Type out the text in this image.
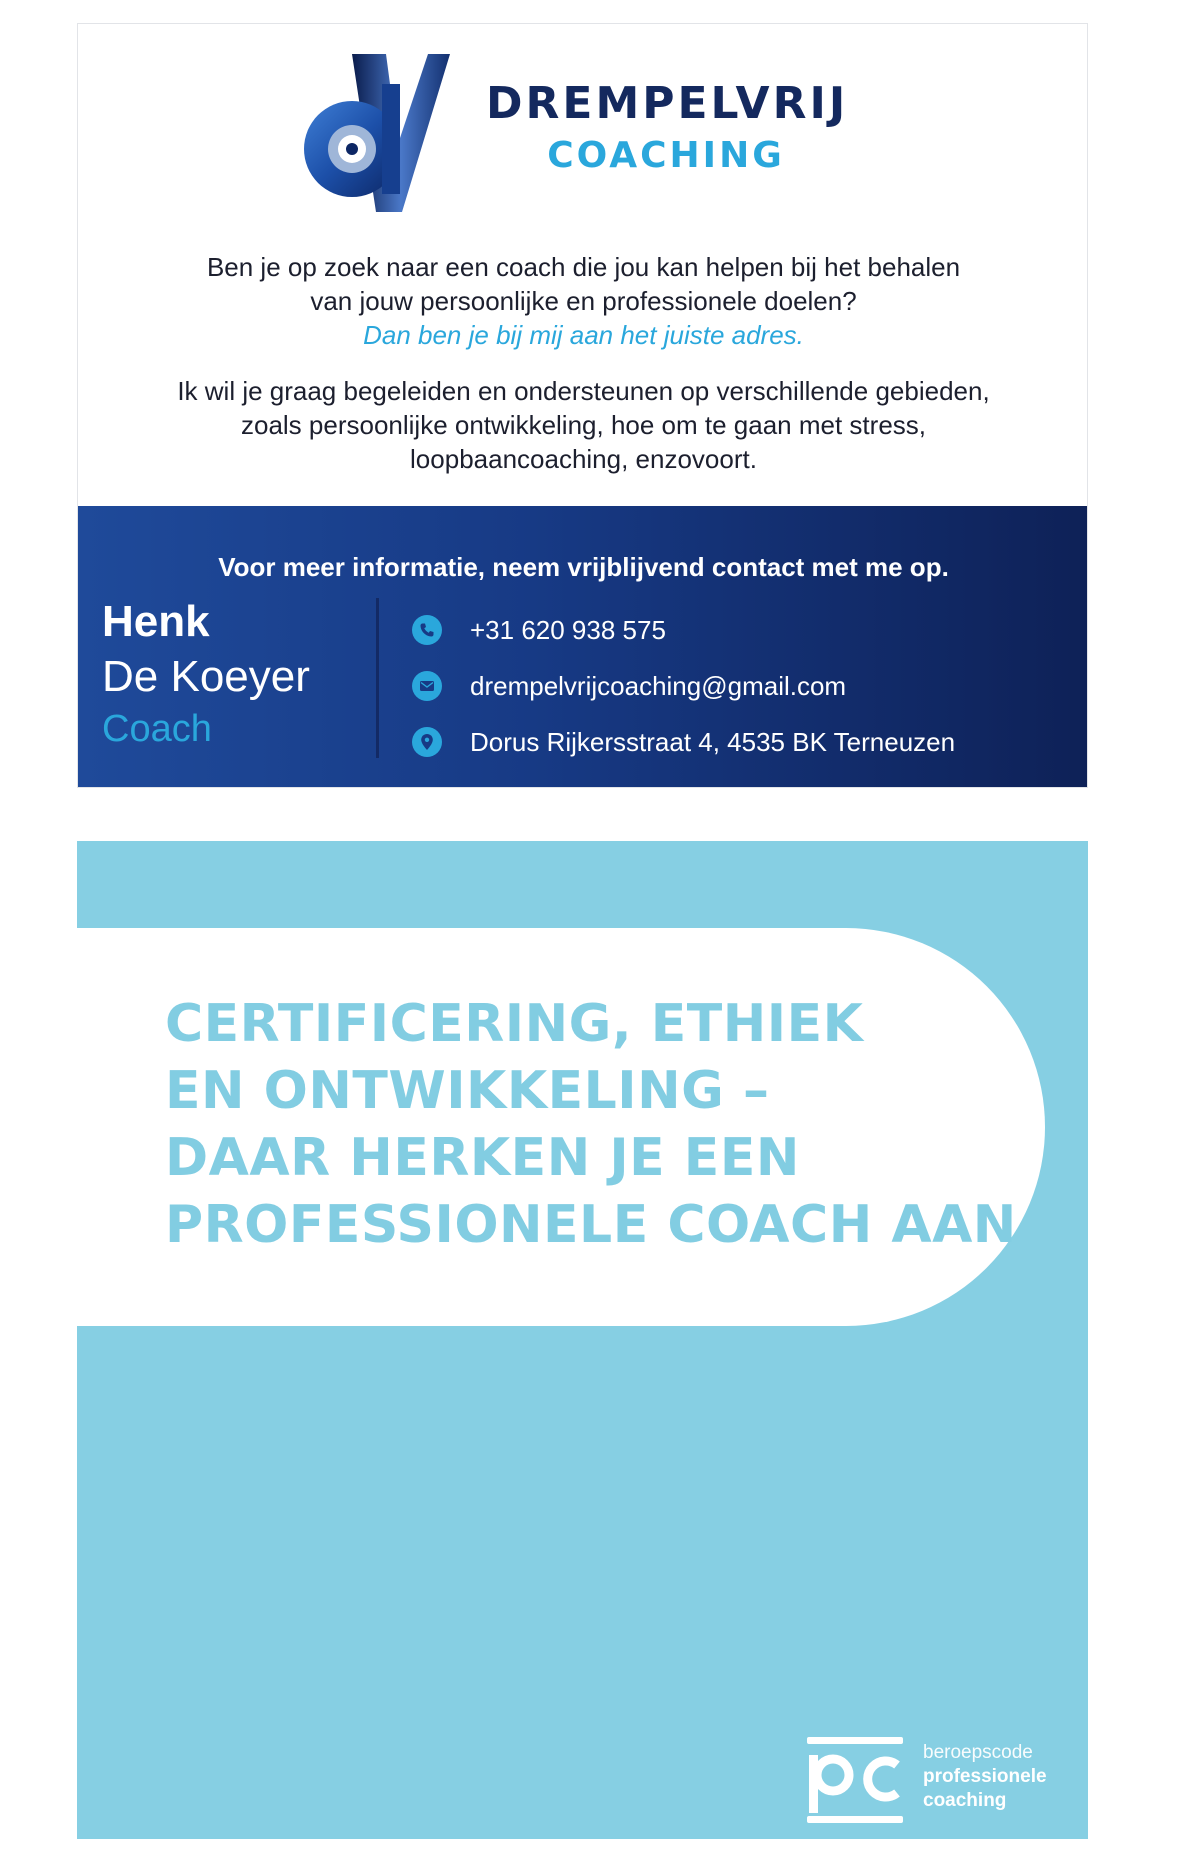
DREMPELVRIJ
COACHING

Ben je op zoek naar een coach die jou kan helpen bij het behalen

van jouw persoonlijke en professionele doelen?

Dan ben je bij mij aan het juiste adres.

Ik wil je graag begeleiden en ondersteunen op verschillende gebieden,

zoals persoonlijke ontwikkeling, hoe om te gaan met stress,

loopbaancoaching, enzovoort.

Voor meer informatie, neem vrijblijvend contact met me op.
Henk
De Koeyer
Coach
+31 620 938 575
drempelvrijcoaching@gmail.com
Dorus Rijkersstraat 4, 4535 BK Terneuzen
CERTIFICERING, ETHIEK
EN ONTWIKKELING –
DAAR HERKEN JE EEN
PROFESSIONELE COACH AAN
beroepscode
professionele
coaching
